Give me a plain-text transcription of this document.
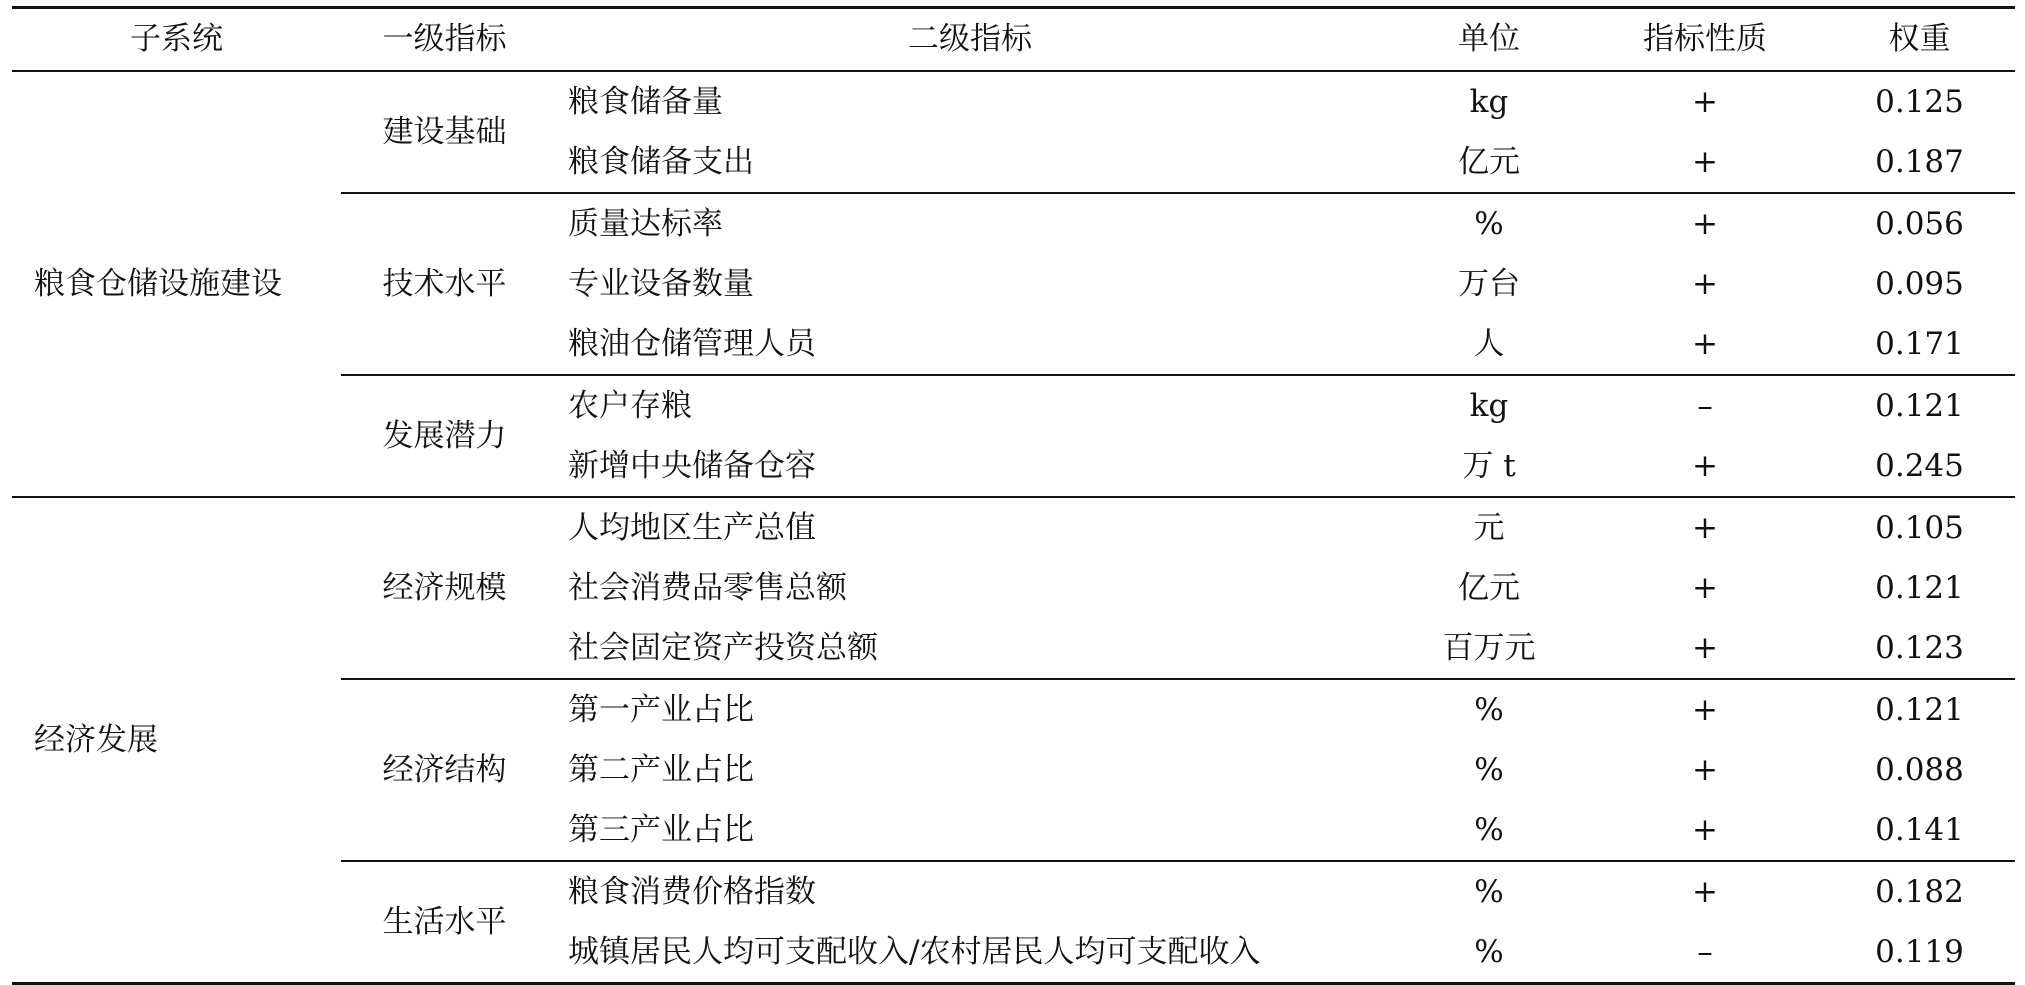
子系统	一级指标	二级指标	单位	指标性质	权重
粮食仓储设施建设	建设基础	粮食储备量	kg	+	0.125
		粮食储备支出	亿元	+	0.187
	技术水平	质量达标率	%	+	0.056
		专业设备数量	万台	+	0.095
		粮油仓储管理人员	人	+	0.171
	发展潜力	农户存粮	kg	–	0.121
		新增中央储备仓容	万 t	+	0.245
经济发展	经济规模	人均地区生产总值	元	+	0.105
		社会消费品零售总额	亿元	+	0.121
		社会固定资产投资总额	百万元	+	0.123
	经济结构	第一产业占比	%	+	0.121
		第二产业占比	%	+	0.088
		第三产业占比	%	+	0.141
	生活水平	粮食消费价格指数	%	+	0.182
		城镇居民人均可支配收入/农村居民人均可支配收入	%	–	0.119
